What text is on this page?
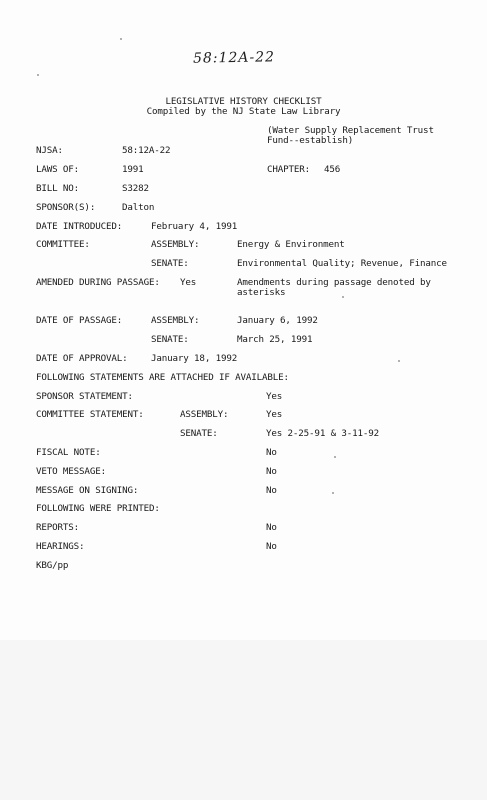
58:12A-22
LEGISLATIVE HISTORY CHECKLIST
Compiled by the NJ State Law Library
(Water Supply Replacement Trust
Fund--establish)
NJSA:	58:12A-22
LAWS OF:	1991	CHAPTER: 456
BILL NO:	S3282
SPONSOR(S):	Dalton
DATE INTRODUCED:	February 4, 1991
COMMITTEE:	ASSEMBLY:	Energy & Environment
SENATE:	Environmental Quality; Revenue, Finance
AMENDED DURING PASSAGE: Yes	Amendments during passage denoted by
asterisks
DATE OF PASSAGE:	ASSEMBLY:	January 6, 1992
SENATE:	March 25, 1991
DATE OF APPROVAL:	January 18, 1992
FOLLOWING STATEMENTS ARE ATTACHED IF AVAILABLE:
SPONSOR STATEMENT:	Yes
COMMITTEE STATEMENT:	ASSEMBLY:	Yes
SENATE:	Yes 2-25-91 & 3-11-92
FISCAL NOTE:	No
VETO MESSAGE:	No
MESSAGE ON SIGNING:	No
FOLLOWING WERE PRINTED:
REPORTS:	No
HEARINGS:	No
KBG/pp
